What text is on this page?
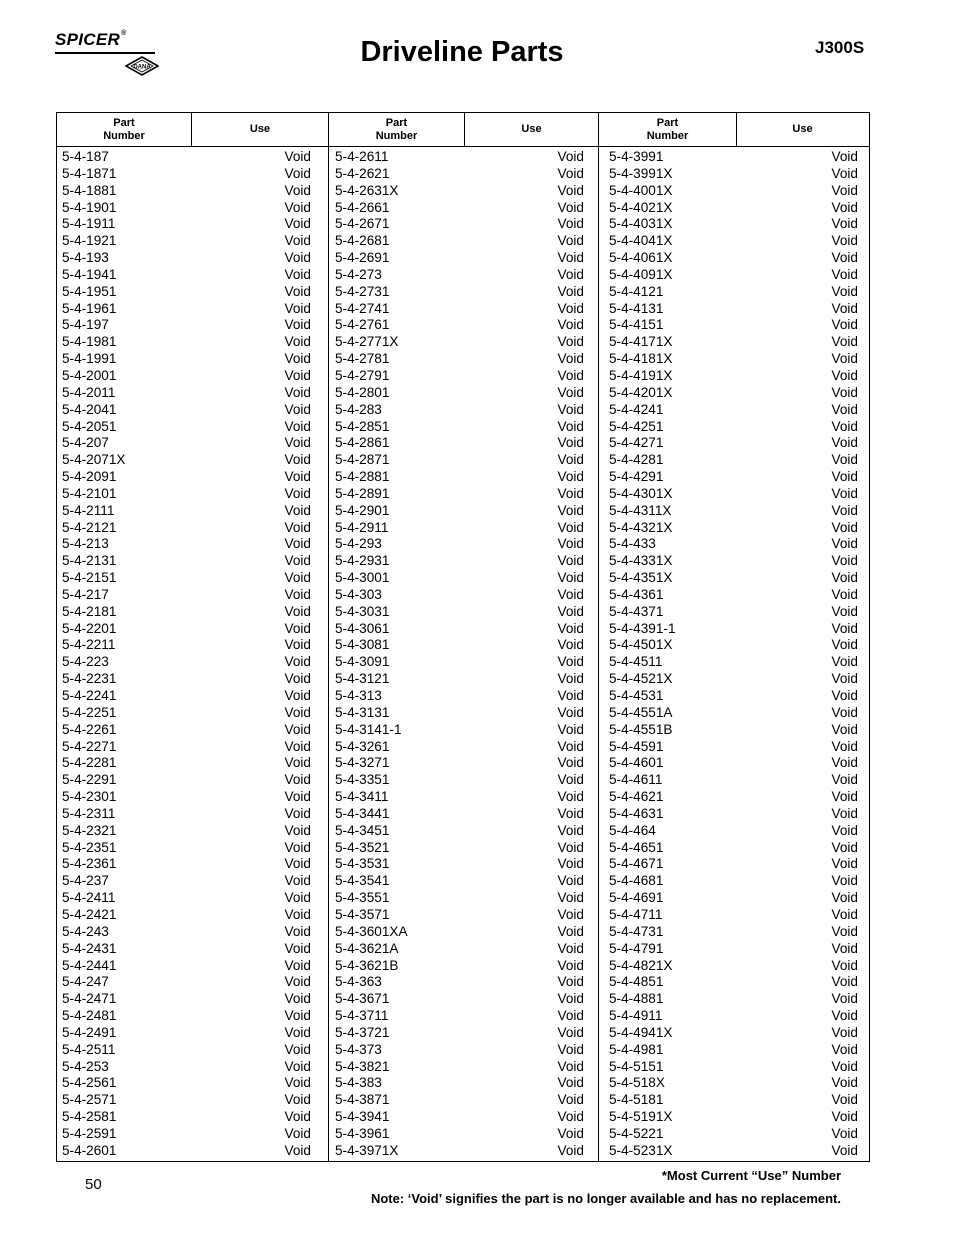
SPICER®
DANA	Driveline Parts	J300S
Part Number
Use
Part Number
Use
Part Number
Use
5-4-187	Void
5-4-1871	Void
5-4-1881	Void
5-4-1901	Void
5-4-1911	Void
5-4-1921	Void
5-4-193	Void
5-4-1941	Void
5-4-1951	Void
5-4-1961	Void
5-4-197	Void
5-4-1981	Void
5-4-1991	Void
5-4-2001	Void
5-4-2011	Void
5-4-2041	Void
5-4-2051	Void
5-4-207	Void
5-4-2071X	Void
5-4-2091	Void
5-4-2101	Void
5-4-2111	Void
5-4-2121	Void
5-4-213	Void
5-4-2131	Void
5-4-2151	Void
5-4-217	Void
5-4-2181	Void
5-4-2201	Void
5-4-2211	Void
5-4-223	Void
5-4-2231	Void
5-4-2241	Void
5-4-2251	Void
5-4-2261	Void
5-4-2271	Void
5-4-2281	Void
5-4-2291	Void
5-4-2301	Void
5-4-2311	Void
5-4-2321	Void
5-4-2351	Void
5-4-2361	Void
5-4-237	Void
5-4-2411	Void
5-4-2421	Void
5-4-243	Void
5-4-2431	Void
5-4-2441	Void
5-4-247	Void
5-4-2471	Void
5-4-2481	Void
5-4-2491	Void
5-4-2511	Void
5-4-253	Void
5-4-2561	Void
5-4-2571	Void
5-4-2581	Void
5-4-2591	Void
5-4-2601	Void
5-4-2611	Void
5-4-2621	Void
5-4-2631X	Void
5-4-2661	Void
5-4-2671	Void
5-4-2681	Void
5-4-2691	Void
5-4-273	Void
5-4-2731	Void
5-4-2741	Void
5-4-2761	Void
5-4-2771X	Void
5-4-2781	Void
5-4-2791	Void
5-4-2801	Void
5-4-283	Void
5-4-2851	Void
5-4-2861	Void
5-4-2871	Void
5-4-2881	Void
5-4-2891	Void
5-4-2901	Void
5-4-2911	Void
5-4-293	Void
5-4-2931	Void
5-4-3001	Void
5-4-303	Void
5-4-3031	Void
5-4-3061	Void
5-4-3081	Void
5-4-3091	Void
5-4-3121	Void
5-4-313	Void
5-4-3131	Void
5-4-3141-1	Void
5-4-3261	Void
5-4-3271	Void
5-4-3351	Void
5-4-3411	Void
5-4-3441	Void
5-4-3451	Void
5-4-3521	Void
5-4-3531	Void
5-4-3541	Void
5-4-3551	Void
5-4-3571	Void
5-4-3601XA	Void
5-4-3621A	Void
5-4-3621B	Void
5-4-363	Void
5-4-3671	Void
5-4-3711	Void
5-4-3721	Void
5-4-373	Void
5-4-3821	Void
5-4-383	Void
5-4-3871	Void
5-4-3941	Void
5-4-3961	Void
5-4-3971X	Void
5-4-3991	Void
5-4-3991X	Void
5-4-4001X	Void
5-4-4021X	Void
5-4-4031X	Void
5-4-4041X	Void
5-4-4061X	Void
5-4-4091X	Void
5-4-4121	Void
5-4-4131	Void
5-4-4151	Void
5-4-4171X	Void
5-4-4181X	Void
5-4-4191X	Void
5-4-4201X	Void
5-4-4241	Void
5-4-4251	Void
5-4-4271	Void
5-4-4281	Void
5-4-4291	Void
5-4-4301X	Void
5-4-4311X	Void
5-4-4321X	Void
5-4-433	Void
5-4-4331X	Void
5-4-4351X	Void
5-4-4361	Void
5-4-4371	Void
5-4-4391-1	Void
5-4-4501X	Void
5-4-4511	Void
5-4-4521X	Void
5-4-4531	Void
5-4-4551A	Void
5-4-4551B	Void
5-4-4591	Void
5-4-4601	Void
5-4-4611	Void
5-4-4621	Void
5-4-4631	Void
5-4-464	Void
5-4-4651	Void
5-4-4671	Void
5-4-4681	Void
5-4-4691	Void
5-4-4711	Void
5-4-4731	Void
5-4-4791	Void
5-4-4821X	Void
5-4-4851	Void
5-4-4881	Void
5-4-4911	Void
5-4-4941X	Void
5-4-4981	Void
5-4-5151	Void
5-4-518X	Void
5-4-5181	Void
5-4-5191X	Void
5-4-5221	Void
5-4-5231X	Void
50
*Most Current “Use” Number
Note: ‘Void’ signifies the part is no longer available and has no replacement.
